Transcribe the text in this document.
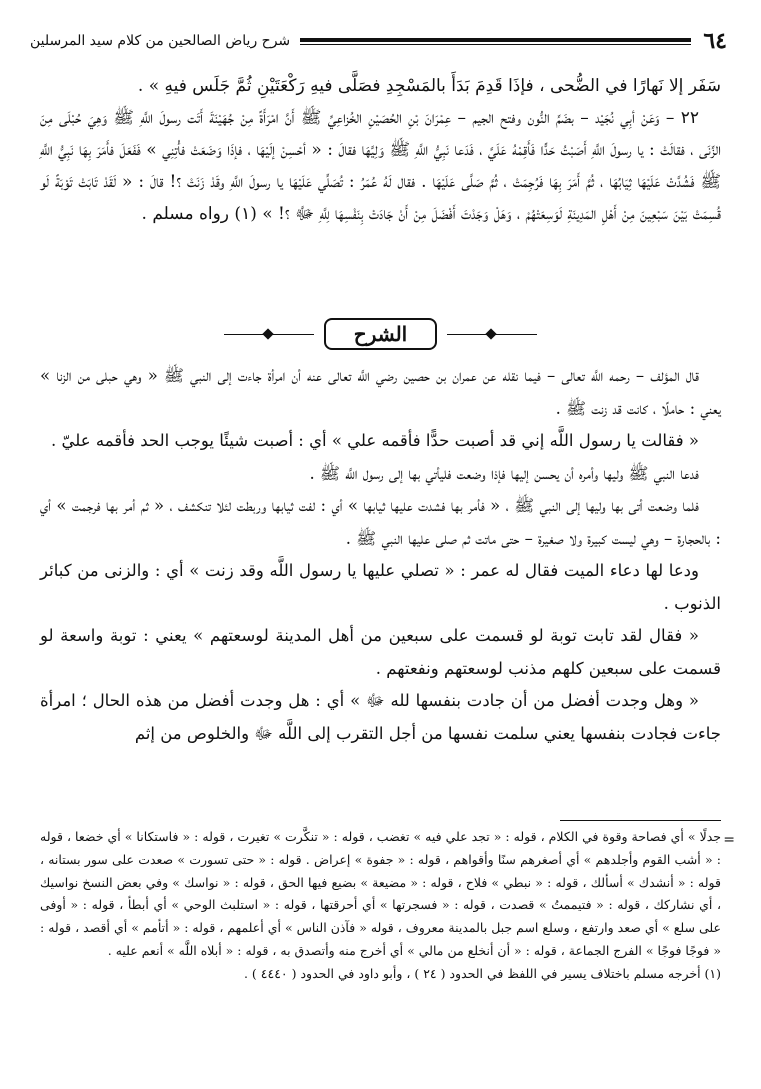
٦٤
شرح رياض الصالحين من كلام سيد المرسلين

سَفَر إلا نَهارًا في الضُّحى ، فإذَا قَدِمَ بَدَأَ بالمَسْجِدِ فصَلَّى فيهِ رَكْعَتَيْنِ ثُمَّ جَلَس فيهِ » .

٢٢ – وَعَنْ أبِي نُجَيْد – بضَمِّ النُّون وفتح الجيم – عِمْرَانَ بْنِ الحُصَيْنِ الخُزاعِيِّ ﷺ أَنَّ امْرَأَةً مِنْ جُهَيْنَةَ أَتَت رسولَ اللَّهِ ﷺ وَهِيَ حُبْلَى مِنَ الزِّنَى ، فقالَتْ : يا رسولَ اللَّهِ أَصَبْتُ حَدًّا فَأَقِمْهُ عَلَيَّ ، فَدَعا نَبِيُّ اللَّهِ ﷺ وَلِيَّهَا فقالَ : « أحْسِنْ إلَيْهَا ، فإذَا وَضَعَتْ فأْتِنِي » فَفَعَلَ فأَمَرَ بِهَا نَبِيُّ اللَّهِ ﷺ فَشُدَّتْ عَلَيْهَا ثِيَابُهَا ، ثُمَّ أَمَرَ بِهَا فَرُجِمَتْ ، ثُمَّ صَلَّى عَلَيْهَا . فقال لَهُ عُمَرُ : تُصَلِّي عَلَيْهَا يا رسولَ اللَّهِ وقَدْ زَنَتْ ؟! قالَ : « لَقَدْ تَابَتْ تَوْبَةً لَو قُسِمَتْ بَيْنَ سَبْعِينَ مِنْ أَهْلِ المَدِينَةِ لَوَسِعَتْهُمْ ، وَهَلْ وَجَدْتَ أَفْضَلَ مِنْ أَنْ جَادَتْ بِنَفْسِهَا لِلَّهِ ﷻ ؟! » (١) رواه مسلم .

الشرح

قال المؤلف – رحمه اللَّه تعالى – فيما نقله عن عمران بن حصين رضي اللَّه تعالى عنه أن امرأة جاءت إلى النبي ﷺ « وهي حبلى من الزنا » يعني : حاملًا ، كانت قد زنت ﷺ .

« فقالت يا رسول اللَّه إني قد أصبت حدًّا فأقمه علي » أي : أصبت شيئًا يوجب الحد فأقمه عليّ .

فدعا النبي ﷺ وليها وأمره أن يحسن إليها فإذا وضعت فليأتي بها إلى رسول اللَّه ﷺ .

فلما وضعت أتى بها وليها إلى النبي ﷺ ، « فأمر بها فشدت عليها ثيابها » أي : لفت ثيابها وربطت لئلا تنكشف ، « ثم أمر بها فرجمت » أي : بالحجارة – وهي ليست كبيرة ولا صغيرة – حتى ماتت ثم صلى عليها النبي ﷺ .

ودعا لها دعاء الميت فقال له عمر : « تصلي عليها يا رسول اللَّه وقد زنت » أي : والزنى من كبائر الذنوب .

« فقال لقد تابت توبة لو قسمت على سبعين من أهل المدينة لوسعتهم » يعني : توبة واسعة لو قسمت على سبعين كلهم مذنب لوسعتهم ونفعتهم .

« وهل وجدت أفضل من أن جادت بنفسها لله ﷻ » أي : هل وجدت أفضل من هذه الحال ؛ امرأة جاءت فجادت بنفسها يعني سلمت نفسها من أجل التقرب إلى اللَّه ﷻ والخلوص من إثم

=

جدلًا » أي فصاحة وقوة في الكلام ، قوله : « تجد علي فيه » تغضب ، قوله : « تنكَّرت » تغيرت ، قوله : « فاستكانا » أي خضعا ، قوله : « أشب القوم وأجلدهم » أي أصغرهم سنًا وأقواهم ، قوله : « جفوة » إعراض . قوله : « حتى تسورت » صعدت على سور بستانه ، قوله : « أنشدك » أسألك ، قوله : « نبطي » فلاح ، قوله : « مضيعة » بضيع فيها الحق ، قوله : « نواسك » وفي بعض النسخ نواسيك ، أي نشاركك ، قوله : « فتيممتُ » قصدت ، قوله : « فسجرتها » أي أحرقتها ، قوله : « استلبث الوحي » أي أبطأ ، قوله : « أوفى على سلع » أي صعد وارتفع ، وسلع اسم جبل بالمدينة معروف ، قوله « فآذن الناس » أي أعلمهم ، قوله : « أتأمم » أي أقصد ، قوله : « فوجًا فوجًا » الفرج الجماعة ، قوله : « أن أنخلع من مالي » أي أخرج منه وأتصدق به ، قوله : « أبلاه اللَّه » أنعم عليه .

(١) أخرجه مسلم باختلاف يسير في اللفظ في الحدود ( ٢٤ ) ، وأبو داود في الحدود ( ٤٤٤٠ ) .
